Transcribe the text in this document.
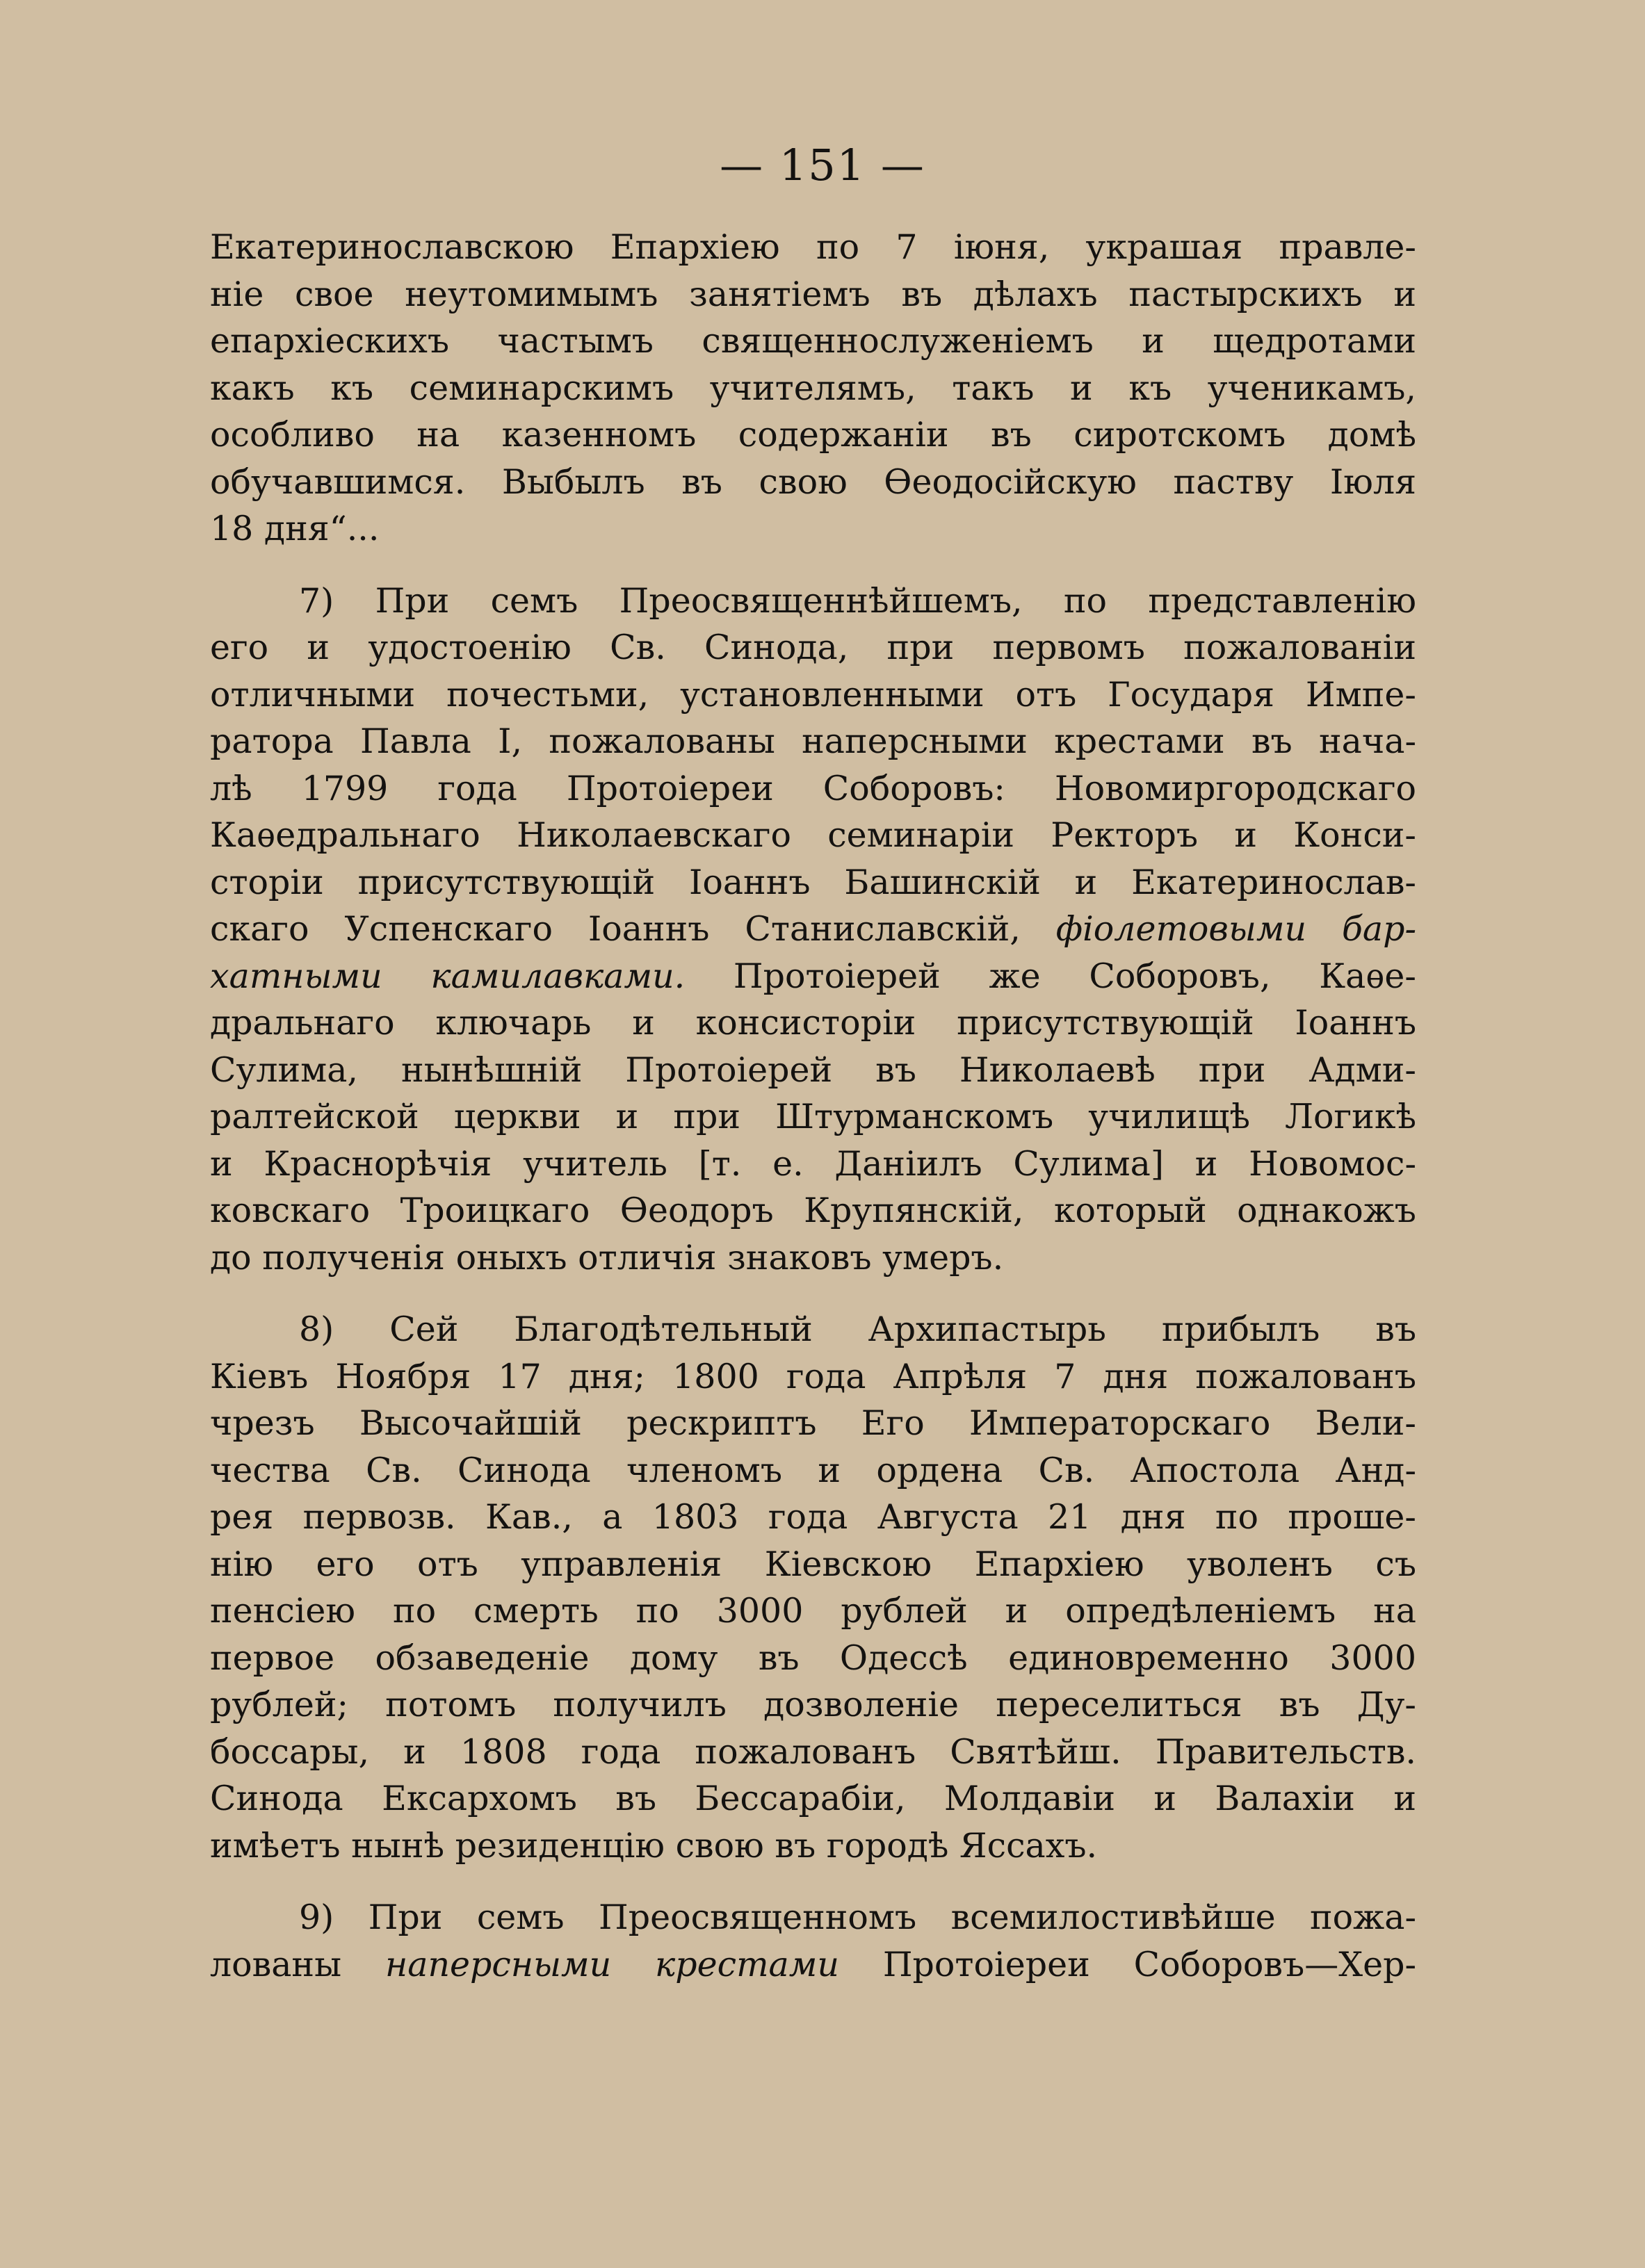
— 151 —
Екатеринославскою Епархіею по 7 іюня, украшая правле-
ніе свое неутомимымъ занятіемъ въ дѣлахъ пастырскихъ и
епархіескихъ частымъ священнослуженіемъ и щедротами
какъ къ семинарскимъ учителямъ, такъ и къ ученикамъ,
особливо на казенномъ содержаніи въ сиротскомъ домѣ
обучавшимся. Выбылъ въ свою Ѳеодосійскую паству Іюля
18 дня“...
7) При семъ Преосвященнѣйшемъ, по представленію
его и удостоенію Св. Синода, при первомъ пожалованіи
отличными почестьми, установленными отъ Государя Импе-
ратора Павла I, пожалованы наперсными крестами въ нача-
лѣ 1799 года Протоіереи Соборовъ: Новомиргородскаго
Каѳедральнаго Николаевскаго семинаріи Ректоръ и Конси-
сторіи присутствующій Іоаннъ Башинскій и Екатеринослав-
скаго Успенскаго Іоаннъ Станиславскій, фіолетовыми бар-
хатными камилавками. Протоіерей же Соборовъ, Каѳе-
дральнаго ключарь и консисторіи присутствующій Іоаннъ
Сулима, нынѣшній Протоіерей въ Николаевѣ при Адми-
ралтейской церкви и при Штурманскомъ училищѣ Логикѣ
и Краснорѣчія учитель [т. е. Даніилъ Сулима] и Новомос-
ковскаго Троицкаго Ѳеодоръ Крупянскій, который однакожъ
до полученія оныхъ отличія знаковъ умеръ.
8) Сей Благодѣтельный Архипастырь прибылъ въ
Кіевъ Ноября 17 дня; 1800 года Апрѣля 7 дня пожалованъ
чрезъ Высочайшій рескриптъ Его Императорскаго Вели-
чества Св. Синода членомъ и ордена Св. Апостола Анд-
рея первозв. Кав., а 1803 года Августа 21 дня по проше-
нію его отъ управленія Кіевскою Епархіею уволенъ съ
пенсіею по смерть по 3000 рублей и опредѣленіемъ на
первое обзаведеніе дому въ Одессѣ единовременно 3000
рублей; потомъ получилъ дозволеніе переселиться въ Ду-
боссары, и 1808 года пожалованъ Святѣйш. Правительств.
Синода Ексархомъ въ Бессарабіи, Молдавіи и Валахіи и
имѣетъ нынѣ резиденцію свою въ городѣ Яссахъ.
9) При семъ Преосвященномъ всемилостивѣйше пожа-
лованы наперсными крестами Протоіереи Соборовъ—Хер-
